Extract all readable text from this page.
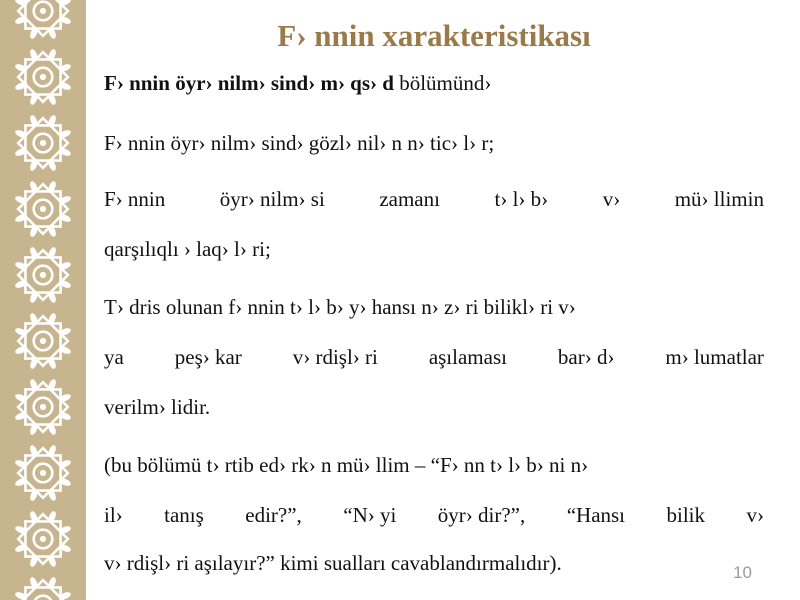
F› nnin xarakteristikası
F› nnin öyr› nilm› sind› m› qs› d bölümünd›
F› nnin öyr› nilm› sind› gözl› nil› n n› tic› l› r;
F› nnin	öyr› nilm› si	zamanı	t› l› b›	v›	mü› llimin
qarşılıqlı › laq› l› ri;
T› dris olunan f› nnin t› l› b› y› hansı n› z› ri bilikl› ri v›
ya peş› kar v› rdişl› ri aşılaması bar› d› m› lumatlar
verilm› lidir.
(bu bölümü t› rtib ed› rk› n mü› llim – “F› nn t› l› b› ni n›
il› tanış edir?”, “N› yi öyr› dir?”, “Hansı bilik v›
v› rdişl› ri aşılayır?” kimi sualları cavablandırmalıdır).	10
